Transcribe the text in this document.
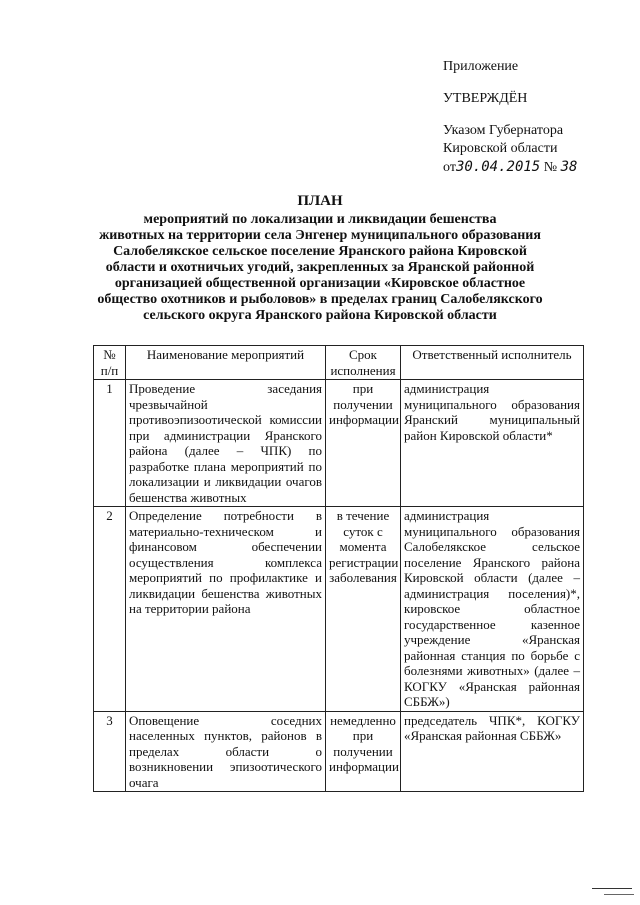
Приложение
УТВЕРЖДЁН
Указом Губернатора
Кировской области
от30.04.2015 № 38
ПЛАН
мероприятий по локализации и ликвидации бешенства
животных на территории села Энгенер муниципального образования
Салобелякское сельское поселение Яранского района Кировской
области и охотничьих угодий, закрепленных за Яранской районной
организацией общественной организации «Кировское областное
общество охотников и рыболовов» в пределах границ Салобелякского
сельского округа Яранского района Кировской области
№ п/п	Наименование мероприятий	Срок исполнения	Ответственный исполнитель
1	Проведение заседания чрезвычайной противоэпизоотической комиссии при администрации Яранского района (далее – ЧПК) по разработке плана мероприятий по локализации и ликвидации очагов бешенства животных	при получении информации	администрация муниципального образования Яранский муниципальный район Кировской области*
2	Определение потребности в материально-техническом и финансовом обеспечении осуществления комплекса мероприятий по профилактике и ликвидации бешенства животных на территории района	в течение суток с момента регистрации заболевания	администрация муниципального образования Салобелякское сельское поселение Яранского района Кировской области (далее – администрация поселения)*, кировское областное государственное казенное учреждение «Яранская районная станция по борьбе с болезнями животных» (далее – КОГКУ «Яранская районная СББЖ»)
3	Оповещение соседних населенных пунктов, районов в пределах области о возникновении эпизоотического очага	немедленно при получении информации	председатель ЧПК*, КОГКУ «Яранская районная СББЖ»
